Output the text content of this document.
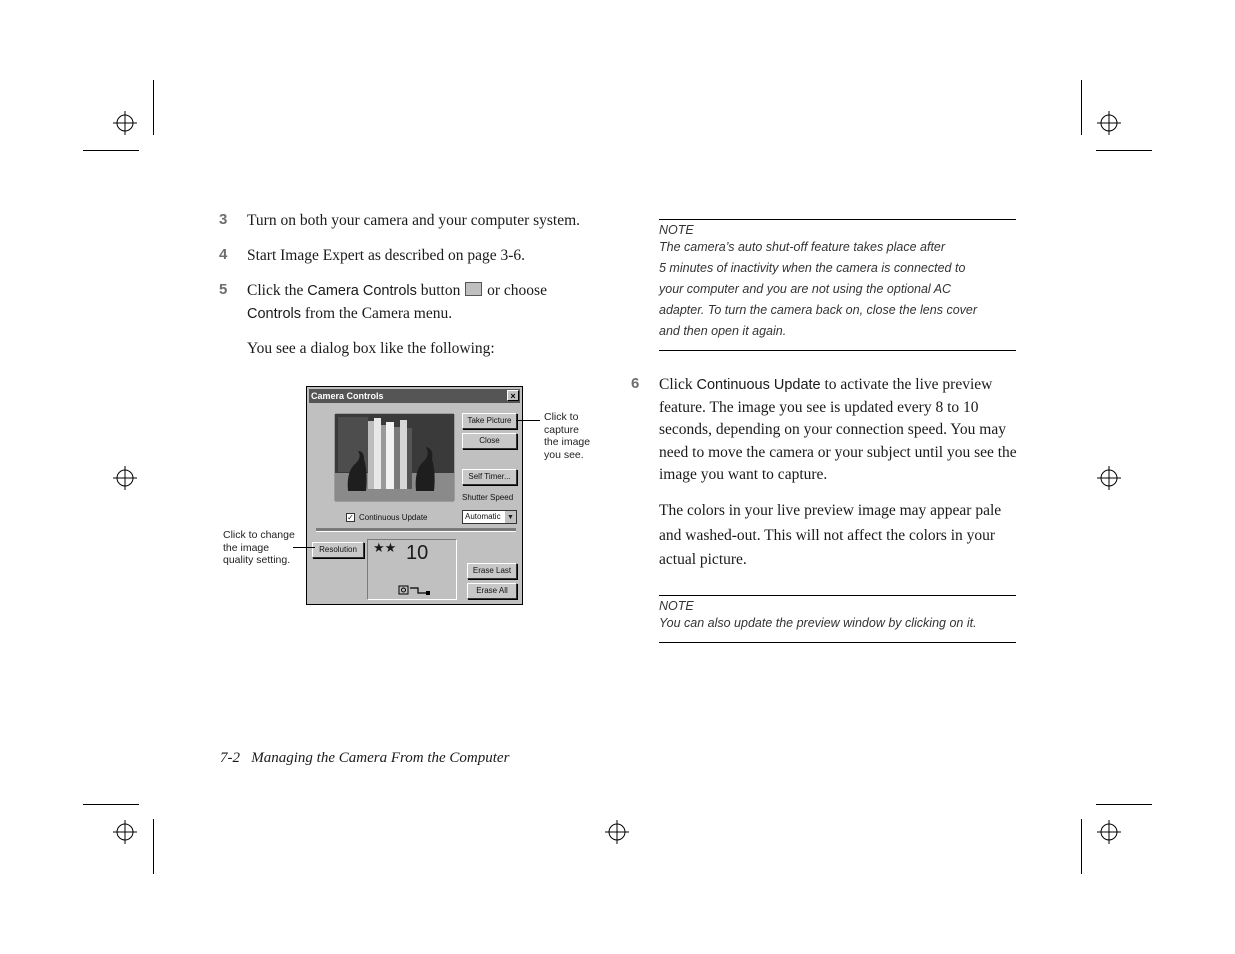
3 Turn on both your camera and your computer system.
4 Start Image Expert as described on page 3-6.
5 Click the Camera Controls button or choose
Controls from the Camera menu.
You see a dialog box like the following:
Camera Controls	×
Take Picture
Close
Self Timer...
Shutter Speed
✓ Continuous Update	Automatic ▼
Resolution	★★ 10
Erase Last
Erase All
Click to
capture
the image
you see.
Click to change
the image
quality setting.
NOTE
The camera’s auto shut-off feature takes place after
5 minutes of inactivity when the camera is connected to
your computer and you are not using the optional AC
adapter. To turn the camera back on, close the lens cover
and then open it again.
6 Click Continuous Update to activate the live preview feature. The image you see is updated every 8 to 10 seconds, depending on your connection speed. You may need to move the camera or your subject until you see the image you want to capture.
The colors in your live preview image may appear pale
and washed-out. This will not affect the colors in your
actual picture.
NOTE
You can also update the preview window by clicking on it.
7-2   Managing the Camera From the Computer
